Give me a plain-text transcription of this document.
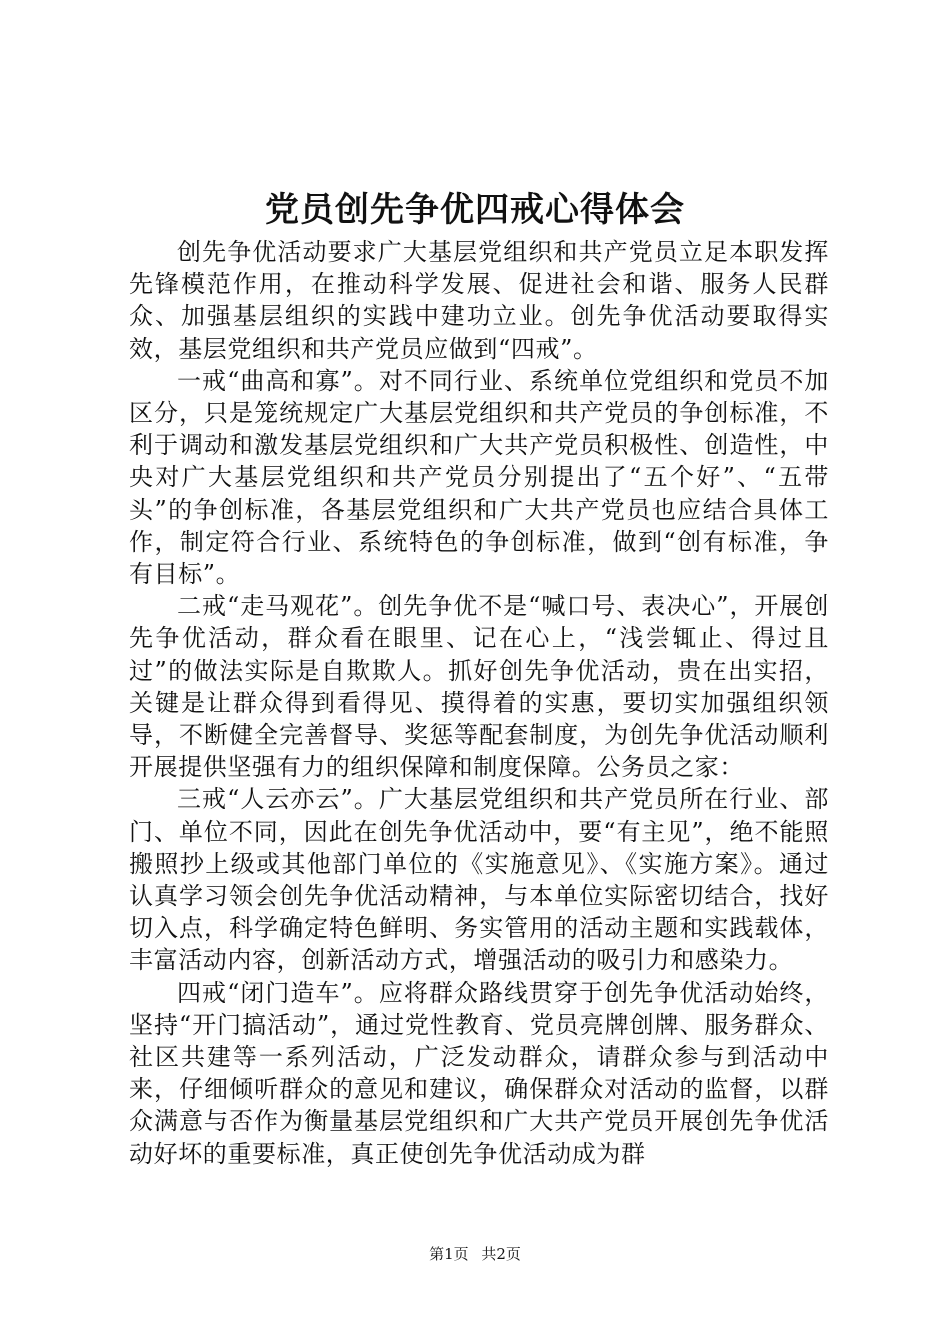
党员创先争优四戒心得体会

创先争优活动要求广大基层党组织和共产党员立足本职发挥先锋模范作用，在推动科学发展、促进社会和谐、服务人民群众、加强基层组织的实践中建功立业。创先争优活动要取得实效，基层党组织和共产党员应做到“四戒”。

一戒“曲高和寡”。对不同行业、系统单位党组织和党员不加区分，只是笼统规定广大基层党组织和共产党员的争创标准，不利于调动和激发基层党组织和广大共产党员积极性、创造性，中央对广大基层党组织和共产党员分别提出了“五个好”、“五带头”的争创标准，各基层党组织和广大共产党员也应结合具体工作，制定符合行业、系统特色的争创标准，做到“创有标准，争有目标”。

二戒“走马观花”。创先争优不是“喊口号、表决心”，开展创先争优活动，群众看在眼里、记在心上，“浅尝辄止、得过且过”的做法实际是自欺欺人。抓好创先争优活动，贵在出实招，关键是让群众得到看得见、摸得着的实惠，要切实加强组织领导，不断健全完善督导、奖惩等配套制度，为创先争优活动顺利开展提供坚强有力的组织保障和制度保障。公务员之家：

三戒“人云亦云”。广大基层党组织和共产党员所在行业、部门、单位不同，因此在创先争优活动中，要“有主见”，绝不能照搬照抄上级或其他部门单位的《实施意见》、《实施方案》。通过认真学习领会创先争优活动精神，与本单位实际密切结合，找好切入点，科学确定特色鲜明、务实管用的活动主题和实践载体，丰富活动内容，创新活动方式，增强活动的吸引力和感染力。

四戒“闭门造车”。应将群众路线贯穿于创先争优活动始终，坚持“开门搞活动”，通过党性教育、党员亮牌创牌、服务群众、社区共建等一系列活动，广泛发动群众，请群众参与到活动中来，仔细倾听群众的意见和建议，确保群众对活动的监督，以群众满意与否作为衡量基层党组织和广大共产党员开展创先争优活动好坏的重要标准，真正使创先争优活动成为群

第1页 共2页
